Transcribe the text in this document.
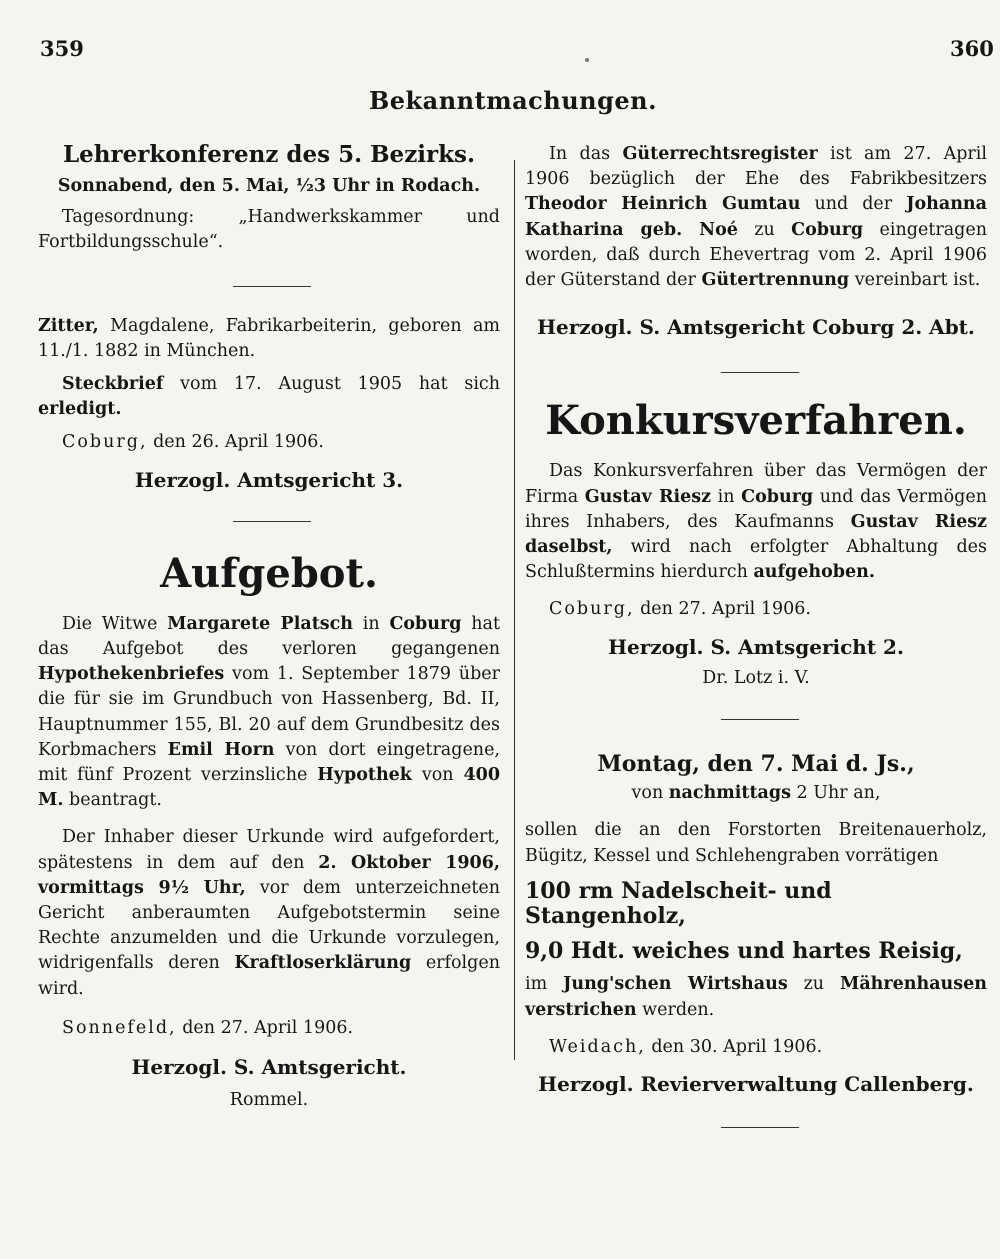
359	360
Bekanntmachungen.
Lehrerkonferenz des 5. Bezirks.

Sonnabend, den 5. Mai, ½3 Uhr in Rodach.

Tagesordnung: „Handwerkskammer und Fortbildungsschule“.

Zitter, Magdalene, Fabrikarbeiterin, geboren am 11./1. 1882 in München.

Steckbrief vom 17. August 1905 hat sich erledigt.

Coburg, den 26. April 1906.

Herzogl. Amtsgericht 3.
Aufgebot.

Die Witwe Margarete Platsch in Coburg hat das Aufgebot des verloren gegangenen Hypothekenbriefes vom 1. September 1879 über die für sie im Grundbuch von Hassenberg, Bd. II, Hauptnummer 155, Bl. 20 auf dem Grundbesitz des Korbmachers Emil Horn von dort eingetragene, mit fünf Prozent verzinsliche Hypothek von 400 M. beantragt.

Der Inhaber dieser Urkunde wird aufgefordert, spätestens in dem auf den 2. Oktober 1906, vormittags 9½ Uhr, vor dem unterzeichneten Gericht anberaumten Aufgebotstermin seine Rechte anzumelden und die Urkunde vorzulegen, widrigenfalls deren Kraftloserklärung erfolgen wird.

Sonnefeld, den 27. April 1906.

Herzogl. S. Amtsgericht.

Rommel.

In das Güterrechtsregister ist am 27. April 1906 bezüglich der Ehe des Fabrikbesitzers Theodor Heinrich Gumtau und der Johanna Katharina geb. Noé zu Coburg eingetragen worden, daß durch Ehevertrag vom 2. April 1906 der Güterstand der Gütertrennung vereinbart ist.

Herzogl. S. Amtsgericht Coburg 2. Abt.
Konkursverfahren.

Das Konkursverfahren über das Vermögen der Firma Gustav Riesz in Coburg und das Vermögen ihres Inhabers, des Kaufmanns Gustav Riesz daselbst, wird nach erfolgter Abhaltung des Schlußtermins hierdurch aufgehoben.

Coburg, den 27. April 1906.

Herzogl. S. Amtsgericht 2.

Dr. Lotz i. V.

Montag, den 7. Mai d. Js.,

von nachmittags 2 Uhr an,

sollen die an den Forstorten Breitenauerholz, Bügitz, Kessel und Schlehengraben vorrätigen

100 rm Nadelscheit- und Stangenholz,

9,0 Hdt. weiches und hartes Reisig,

im Jung'schen Wirtshaus zu Mährenhausen verstrichen werden.

Weidach, den 30. April 1906.

Herzogl. Revierverwaltung Callenberg.
